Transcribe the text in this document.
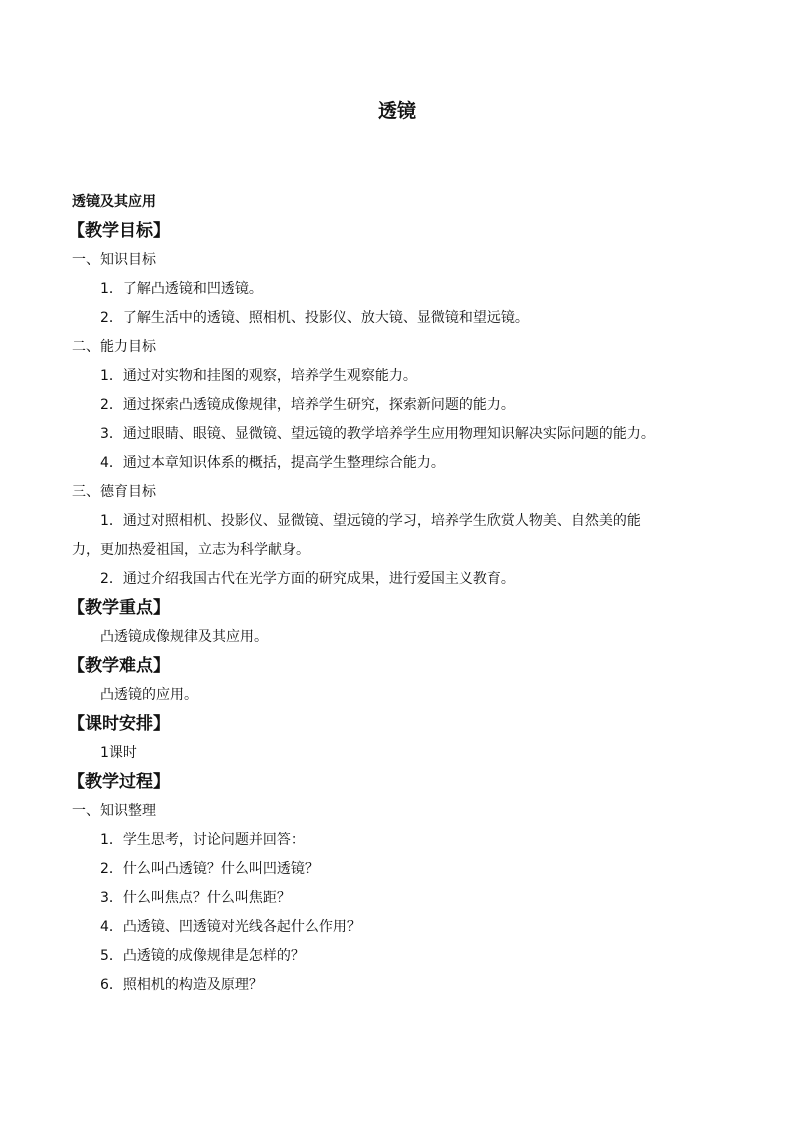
透镜
透镜及其应用
【教学目标】
一、知识目标
1．了解凸透镜和凹透镜。
2．了解生活中的透镜、照相机、投影仪、放大镜、显微镜和望远镜。
二、能力目标
1．通过对实物和挂图的观察，培养学生观察能力。
2．通过探索凸透镜成像规律，培养学生研究，探索新问题的能力。
3．通过眼睛、眼镜、显微镜、望远镜的教学培养学生应用物理知识解决实际问题的能力。
4．通过本章知识体系的概括，提高学生整理综合能力。
三、德育目标
1．通过对照相机、投影仪、显微镜、望远镜的学习，培养学生欣赏人物美、自然美的能
力，更加热爱祖国，立志为科学献身。
2．通过介绍我国古代在光学方面的研究成果，进行爱国主义教育。
【教学重点】
凸透镜成像规律及其应用。
【教学难点】
凸透镜的应用。
【课时安排】
1课时
【教学过程】
一、知识整理
1．学生思考，讨论问题并回答：
2．什么叫凸透镜？什么叫凹透镜？
3．什么叫焦点？什么叫焦距？
4．凸透镜、凹透镜对光线各起什么作用？
5．凸透镜的成像规律是怎样的？
6．照相机的构造及原理？
